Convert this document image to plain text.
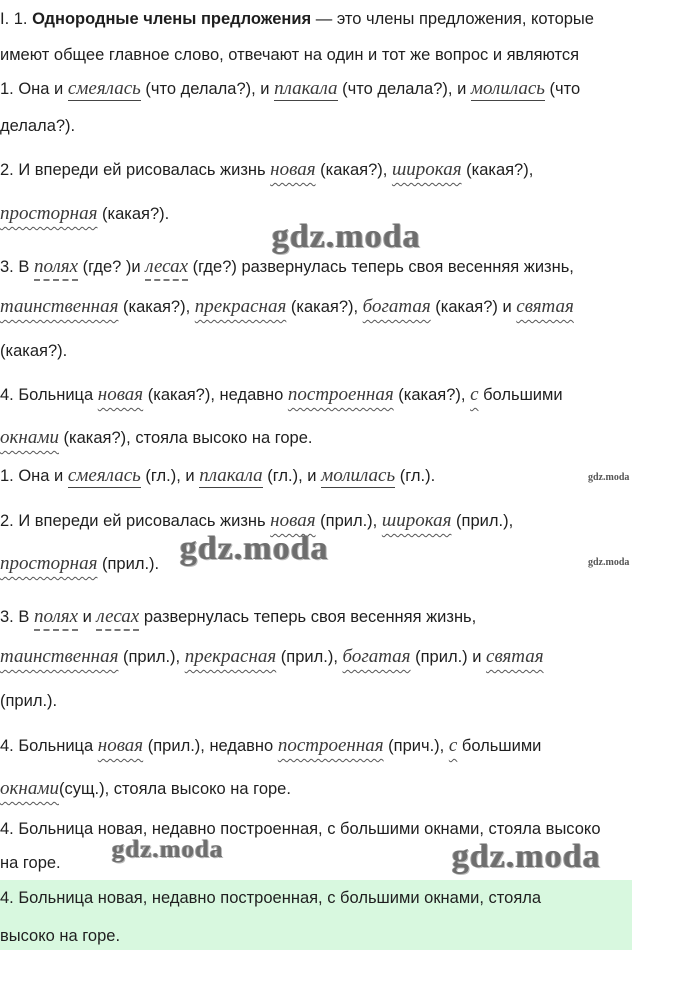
I. 1. Однородные члены предложения — это члены предложения, которые
имеют общее главное слово, отвечают на один и тот же вопрос и являются
1. Она и смеялась (что делала?), и плакала (что делала?), и молилась (что
делала?).
2. И впереди ей рисовалась жизнь новая (какая?), широкая (какая?),
просторная (какая?).
3. В полях (где? )и лесах (где?) развернулась теперь своя весенняя жизнь,
таинственная (какая?), прекрасная (какая?), богатая (какая?) и святая
(какая?).
4. Больница новая (какая?), недавно построенная (какая?), с большими
окнами (какая?), стояла высоко на горе.
1. Она и смеялась (гл.), и плакала (гл.), и молилась (гл.).
2. И впереди ей рисовалась жизнь новая (прил.), широкая (прил.),
просторная (прил.).
3. В полях и лесах развернулась теперь своя весенняя жизнь,
таинственная (прил.), прекрасная (прил.), богатая (прил.) и святая
(прил.).
4. Больница новая (прил.), недавно построенная (прич.), с большими
окнами(сущ.), стояла высоко на горе.
4. Больница новая, недавно построенная, с большими окнами, стояла высоко
на горе.
4. Больница новая, недавно построенная, с большими окнами, стояла
высоко на горе.
gdz.moda
gdz.moda
gdz.moda	gdz.moda
gdz.moda	gdz.moda
